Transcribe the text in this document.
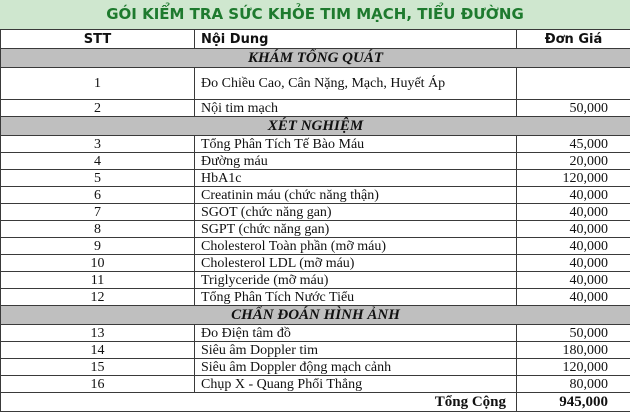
GÓI KIỂM TRA SỨC KHỎE TIM MẠCH, TIỂU ĐƯỜNG
STT	Nội Dung	Đơn Giá
KHÁM TỔNG QUÁT		
1	Đo Chiều Cao, Cân Nặng, Mạch, Huyết Áp	
2	Nội tim mạch	50,000
XÉT NGHIỆM		
3	Tổng Phân Tích Tế Bào Máu	45,000
4	Đường máu	20,000
5	HbA1c	120,000
6	Creatinin máu (chức năng thận)	40,000
7	SGOT (chức năng gan)	40,000
8	SGPT (chức năng gan)	40,000
9	Cholesterol Toàn phần (mỡ máu)	40,000
10	Cholesterol LDL (mỡ máu)	40,000
11	Triglyceride (mỡ máu)	40,000
12	Tổng Phân Tích Nước Tiểu	40,000
CHẨN ĐOÁN HÌNH ẢNH		
13	Đo Điện tâm đồ	50,000
14	Siêu âm Doppler tim	180,000
15	Siêu âm Doppler động mạch cảnh	120,000
16	Chụp X - Quang Phổi Thẳng	80,000
Tổng Cộng		945,000
